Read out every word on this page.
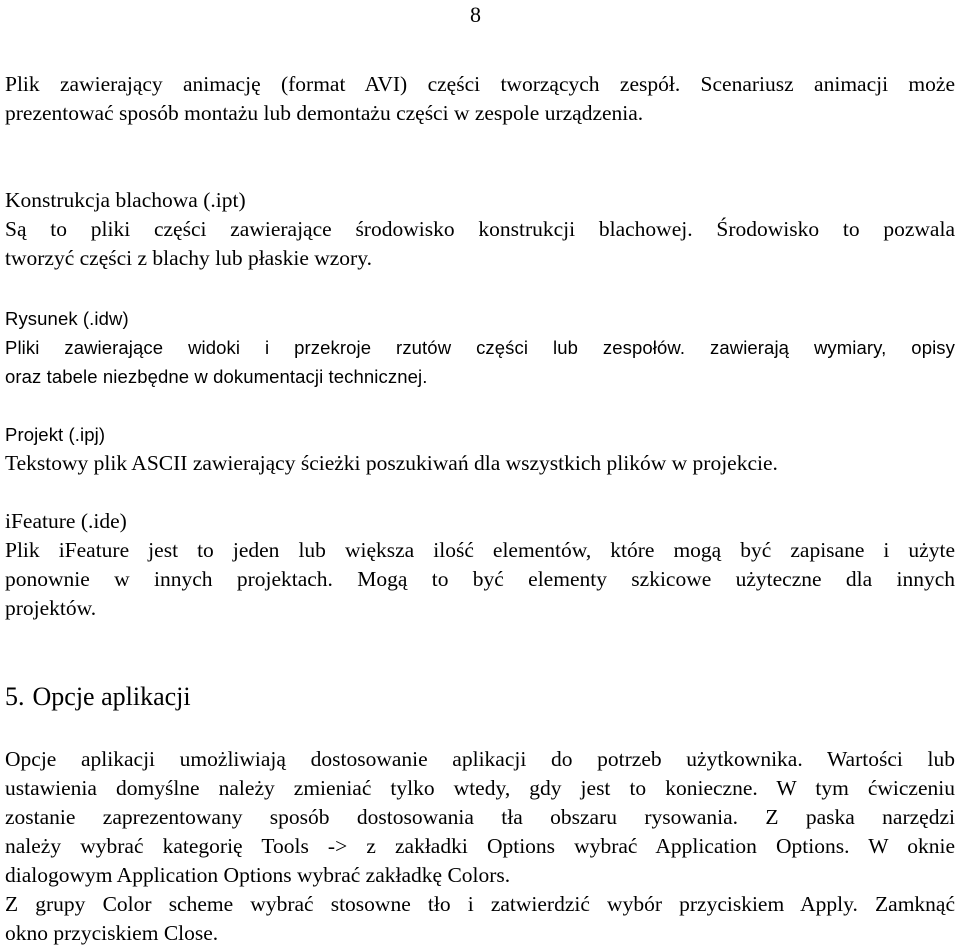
8
Plik zawierający animację (format AVI) części tworzących zespół. Scenariusz animacji może
prezentować sposób montażu lub demontażu części w zespole urządzenia.
Konstrukcja blachowa (.ipt)
Są to pliki części zawierające środowisko konstrukcji blachowej. Środowisko to pozwala
tworzyć części z blachy lub płaskie wzory.
Rysunek (.idw)
Pliki zawierające widoki i przekroje rzutów części lub zespołów. zawierają wymiary, opisy
oraz tabele niezbędne w dokumentacji technicznej.
Projekt (.ipj)
Tekstowy plik ASCII zawierający ścieżki poszukiwań dla wszystkich plików w projekcie.
iFeature (.ide)
Plik iFeature jest to jeden lub większa ilość elementów, które mogą być zapisane i użyte
ponownie w innych projektach. Mogą to być elementy szkicowe użyteczne dla innych
projektów.
5. Opcje aplikacji
Opcje aplikacji umożliwiają dostosowanie aplikacji do potrzeb użytkownika. Wartości lub
ustawienia domyślne należy zmieniać tylko wtedy, gdy jest to konieczne. W tym ćwiczeniu
zostanie zaprezentowany sposób dostosowania tła obszaru rysowania. Z paska narzędzi
należy wybrać kategorię Tools -> z zakładki Options wybrać Application Options. W oknie
dialogowym Application Options wybrać zakładkę Colors.
Z grupy Color scheme wybrać stosowne tło i zatwierdzić wybór przyciskiem Apply. Zamknąć
okno przyciskiem Close.
